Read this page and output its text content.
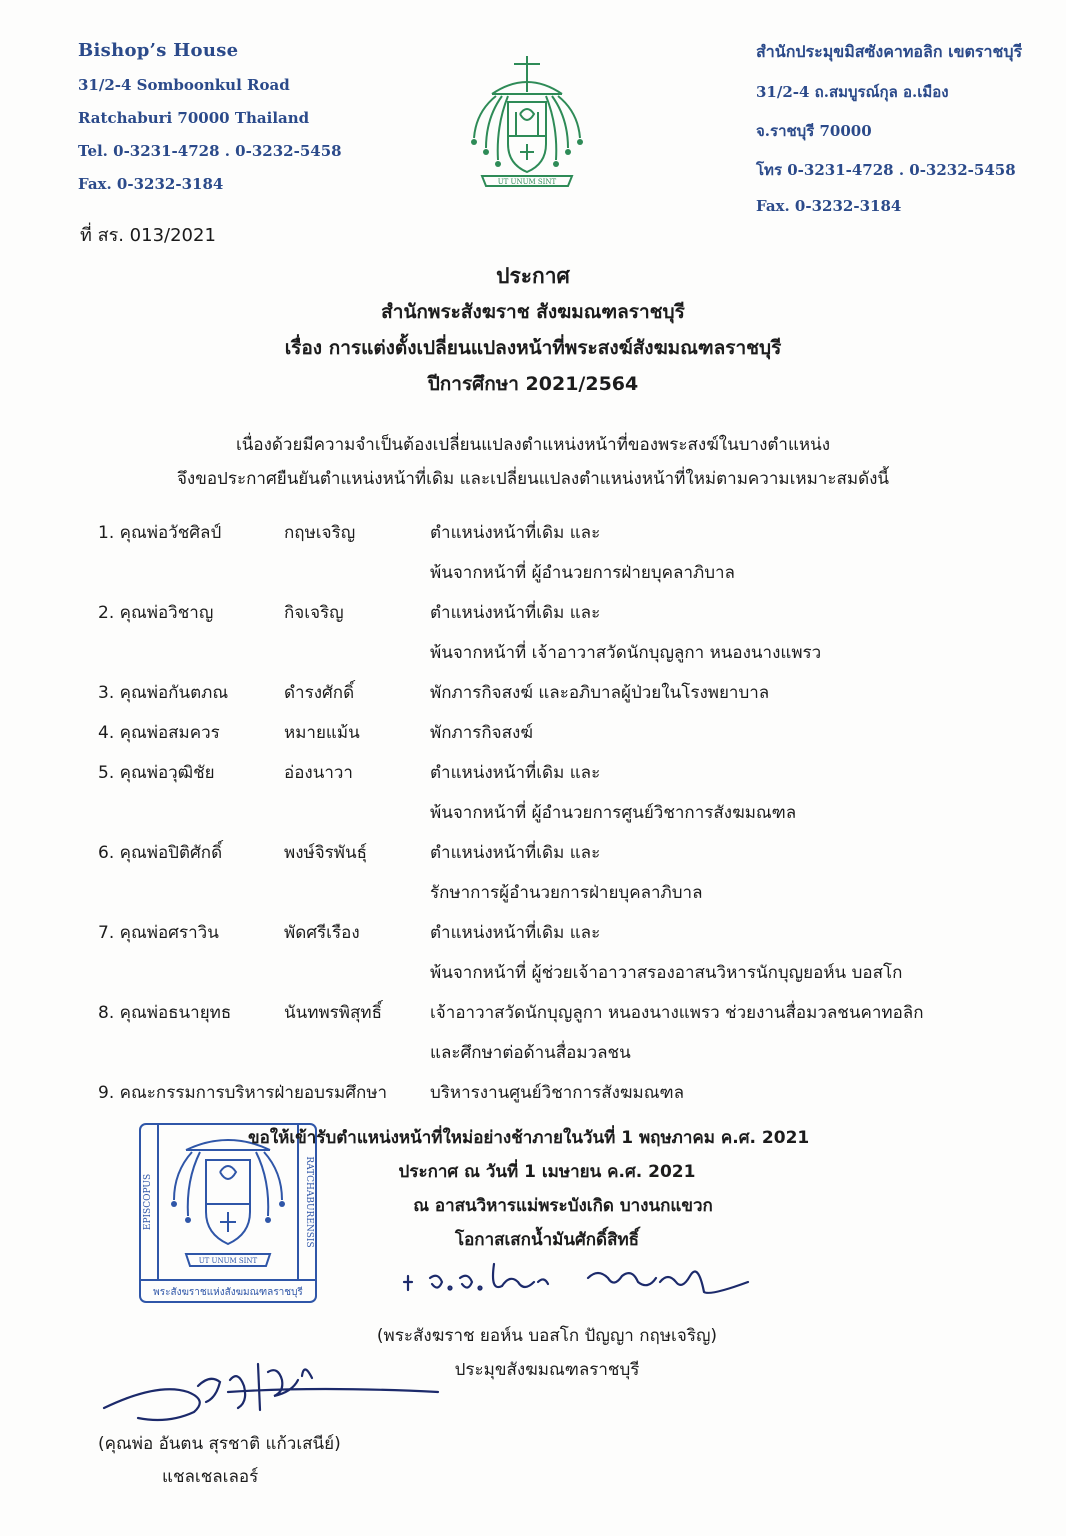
Bishop’s House
31/2-4 Somboonkul Road
Ratchaburi 70000 Thailand
Tel. 0-3231-4728 . 0-3232-5458
Fax. 0-3232-3184
ที่ สร. 013/2021
UT UNUM SINT
สำนักประมุขมิสซังคาทอลิก เขตราชบุรี
31/2-4 ถ.สมบูรณ์กุล อ.เมือง
จ.ราชบุรี 70000
โทร 0-3231-4728 . 0-3232-5458
Fax. 0-3232-3184
ประกาศ
สำนักพระสังฆราช สังฆมณฑลราชบุรี
เรื่อง การแต่งตั้งเปลี่ยนแปลงหน้าที่พระสงฆ์สังฆมณฑลราชบุรี
ปีการศึกษา 2021/2564
เนื่องด้วยมีความจำเป็นต้องเปลี่ยนแปลงตำแหน่งหน้าที่ของพระสงฆ์ในบางตำแหน่ง
จึงขอประกาศยืนยันตำแหน่งหน้าที่เดิม และเปลี่ยนแปลงตำแหน่งหน้าที่ใหม่ตามความเหมาะสมดังนี้
1. คุณพ่อวัชศิลป์	กฤษเจริญ	ตำแหน่งหน้าที่เดิม และ
พ้นจากหน้าที่ ผู้อำนวยการฝ่ายบุคลาภิบาล
2. คุณพ่อวิชาญ	กิจเจริญ	ตำแหน่งหน้าที่เดิม และ
พ้นจากหน้าที่ เจ้าอาวาสวัดนักบุญลูกา หนองนางแพรว
3. คุณพ่อกันตภณ	ดำรงศักดิ์	พักภารกิจสงฆ์ และอภิบาลผู้ป่วยในโรงพยาบาล
4. คุณพ่อสมควร	หมายแม้น	พักภารกิจสงฆ์
5. คุณพ่อวุฒิชัย	อ่องนาวา	ตำแหน่งหน้าที่เดิม และ
พ้นจากหน้าที่ ผู้อำนวยการศูนย์วิชาการสังฆมณฑล
6. คุณพ่อปิติศักดิ์	พงษ์จิรพันธุ์	ตำแหน่งหน้าที่เดิม และ
รักษาการผู้อำนวยการฝ่ายบุคลาภิบาล
7. คุณพ่อศราวิน	พัดศรีเรือง	ตำแหน่งหน้าที่เดิม และ
พ้นจากหน้าที่ ผู้ช่วยเจ้าอาวาสรองอาสนวิหารนักบุญยอห์น บอสโก
8. คุณพ่อธนายุทธ	นันทพรพิสุทธิ์	เจ้าอาวาสวัดนักบุญลูกา หนองนางแพรว ช่วยงานสื่อมวลชนคาทอลิก
และศึกษาต่อด้านสื่อมวลชน
9. คณะกรรมการบริหารฝ่ายอบรมศึกษา	บริหารงานศูนย์วิชาการสังฆมณฑล
EPISCOPUS	RATCHABURENSIS
UT UNUM SINT
พระสังฆราชแห่งสังฆมณฑลราชบุรี
ขอให้เข้ารับตำแหน่งหน้าที่ใหม่อย่างช้าภายในวันที่ 1 พฤษภาคม ค.ศ. 2021
ประกาศ ณ วันที่ 1 เมษายน ค.ศ. 2021
ณ อาสนวิหารแม่พระบังเกิด บางนกแขวก
โอกาสเสกน้ำมันศักดิ์สิทธิ์
+ ย.บ. ปัญญา กฤษเจริญ
(พระสังฆราช ยอห์น บอสโก ปัญญา กฤษเจริญ)
ประมุขสังฆมณฑลราชบุรี
(คุณพ่อ อันตน สุรชาติ แก้วเสนีย์)
แชลเชลเลอร์
